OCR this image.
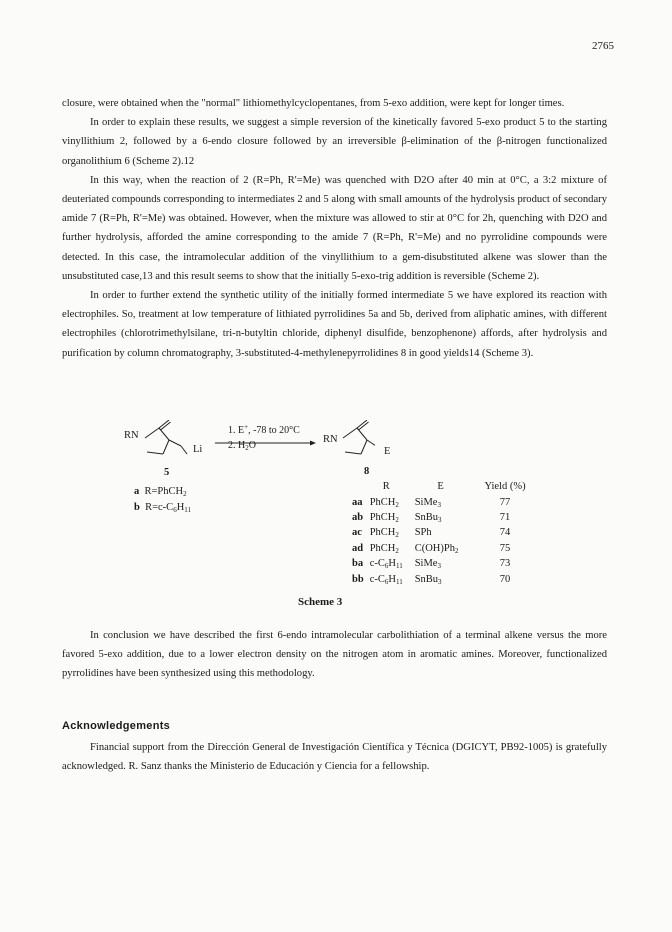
2765

closure, were obtained when the "normal" lithiomethylcyclopentanes, from 5-exo addition, were kept for longer times.

In order to explain these results, we suggest a simple reversion of the kinetically favored 5-exo product 5 to the starting vinyllithium 2, followed by a 6-endo closure followed by an irreversible β-elimination of the β-nitrogen functionalized organolithium 6 (Scheme 2).12

In this way, when the reaction of 2 (R=Ph, R'=Me) was quenched with D2O after 40 min at 0°C, a 3:2 mixture of deuteriated compounds corresponding to intermediates 2 and 5 along with small amounts of the hydrolysis product of secondary amide 7 (R=Ph, R'=Me) was obtained. However, when the mixture was allowed to stir at 0°C for 2h, quenching with D2O and further hydrolysis, afforded the amine corresponding to the amide 7 (R=Ph, R'=Me) and no pyrrolidine compounds were detected. In this case, the intramolecular addition of the vinyllithium to a gem-disubstituted alkene was slower than the unsubstituted case,13 and this result seems to show that the initially 5-exo-trig addition is reversible (Scheme 2).

In order to further extend the synthetic utility of the initially formed intermediate 5 we have explored its reaction with electrophiles. So, treatment at low temperature of lithiated pyrrolidines 5a and 5b, derived from aliphatic amines, with different electrophiles (chlorotrimethylsilane, tri-n-butyltin chloride, diphenyl disulfide, benzophenone) affords, after hydrolysis and purification by column chromatography, 3-substituted-4-methylenepyrrolidines 8 in good yields14 (Scheme 3).

RN
Li
1. E+, -78 to 20°C
2. $H_2O$
RN
E
5	8
a  R=PhCH$_2$
b  $R=c-C_6H_{11}$
	R	E	Yield (%)
aa	PhCH$_2$	SiMe$_3$	77
ab	PhCH$_2$	SnBu$_3$	71
ac	PhCH$_2$	SPh	74
ad	PhCH$_2$	$C(OH)Ph_2$	75
ba	$c-C_6H_{11}$	SiMe$_3$	73
bb	$c-C_6H_{11}$	SnBu$_3$	70
Scheme 3

In conclusion we have described the first 6-endo intramolecular carbolithiation of a terminal alkene versus the more favored 5-exo addition, due to a lower electron density on the nitrogen atom in aromatic amines. Moreover, functionalized pyrrolidines have been synthesized using this methodology.

Acknowledgements

Financial support from the Dirección General de Investigación Científica y Técnica (DGICYT, PB92-1005) is gratefully acknowledged. R. Sanz thanks the Ministerio de Educación y Ciencia for a fellowship.
